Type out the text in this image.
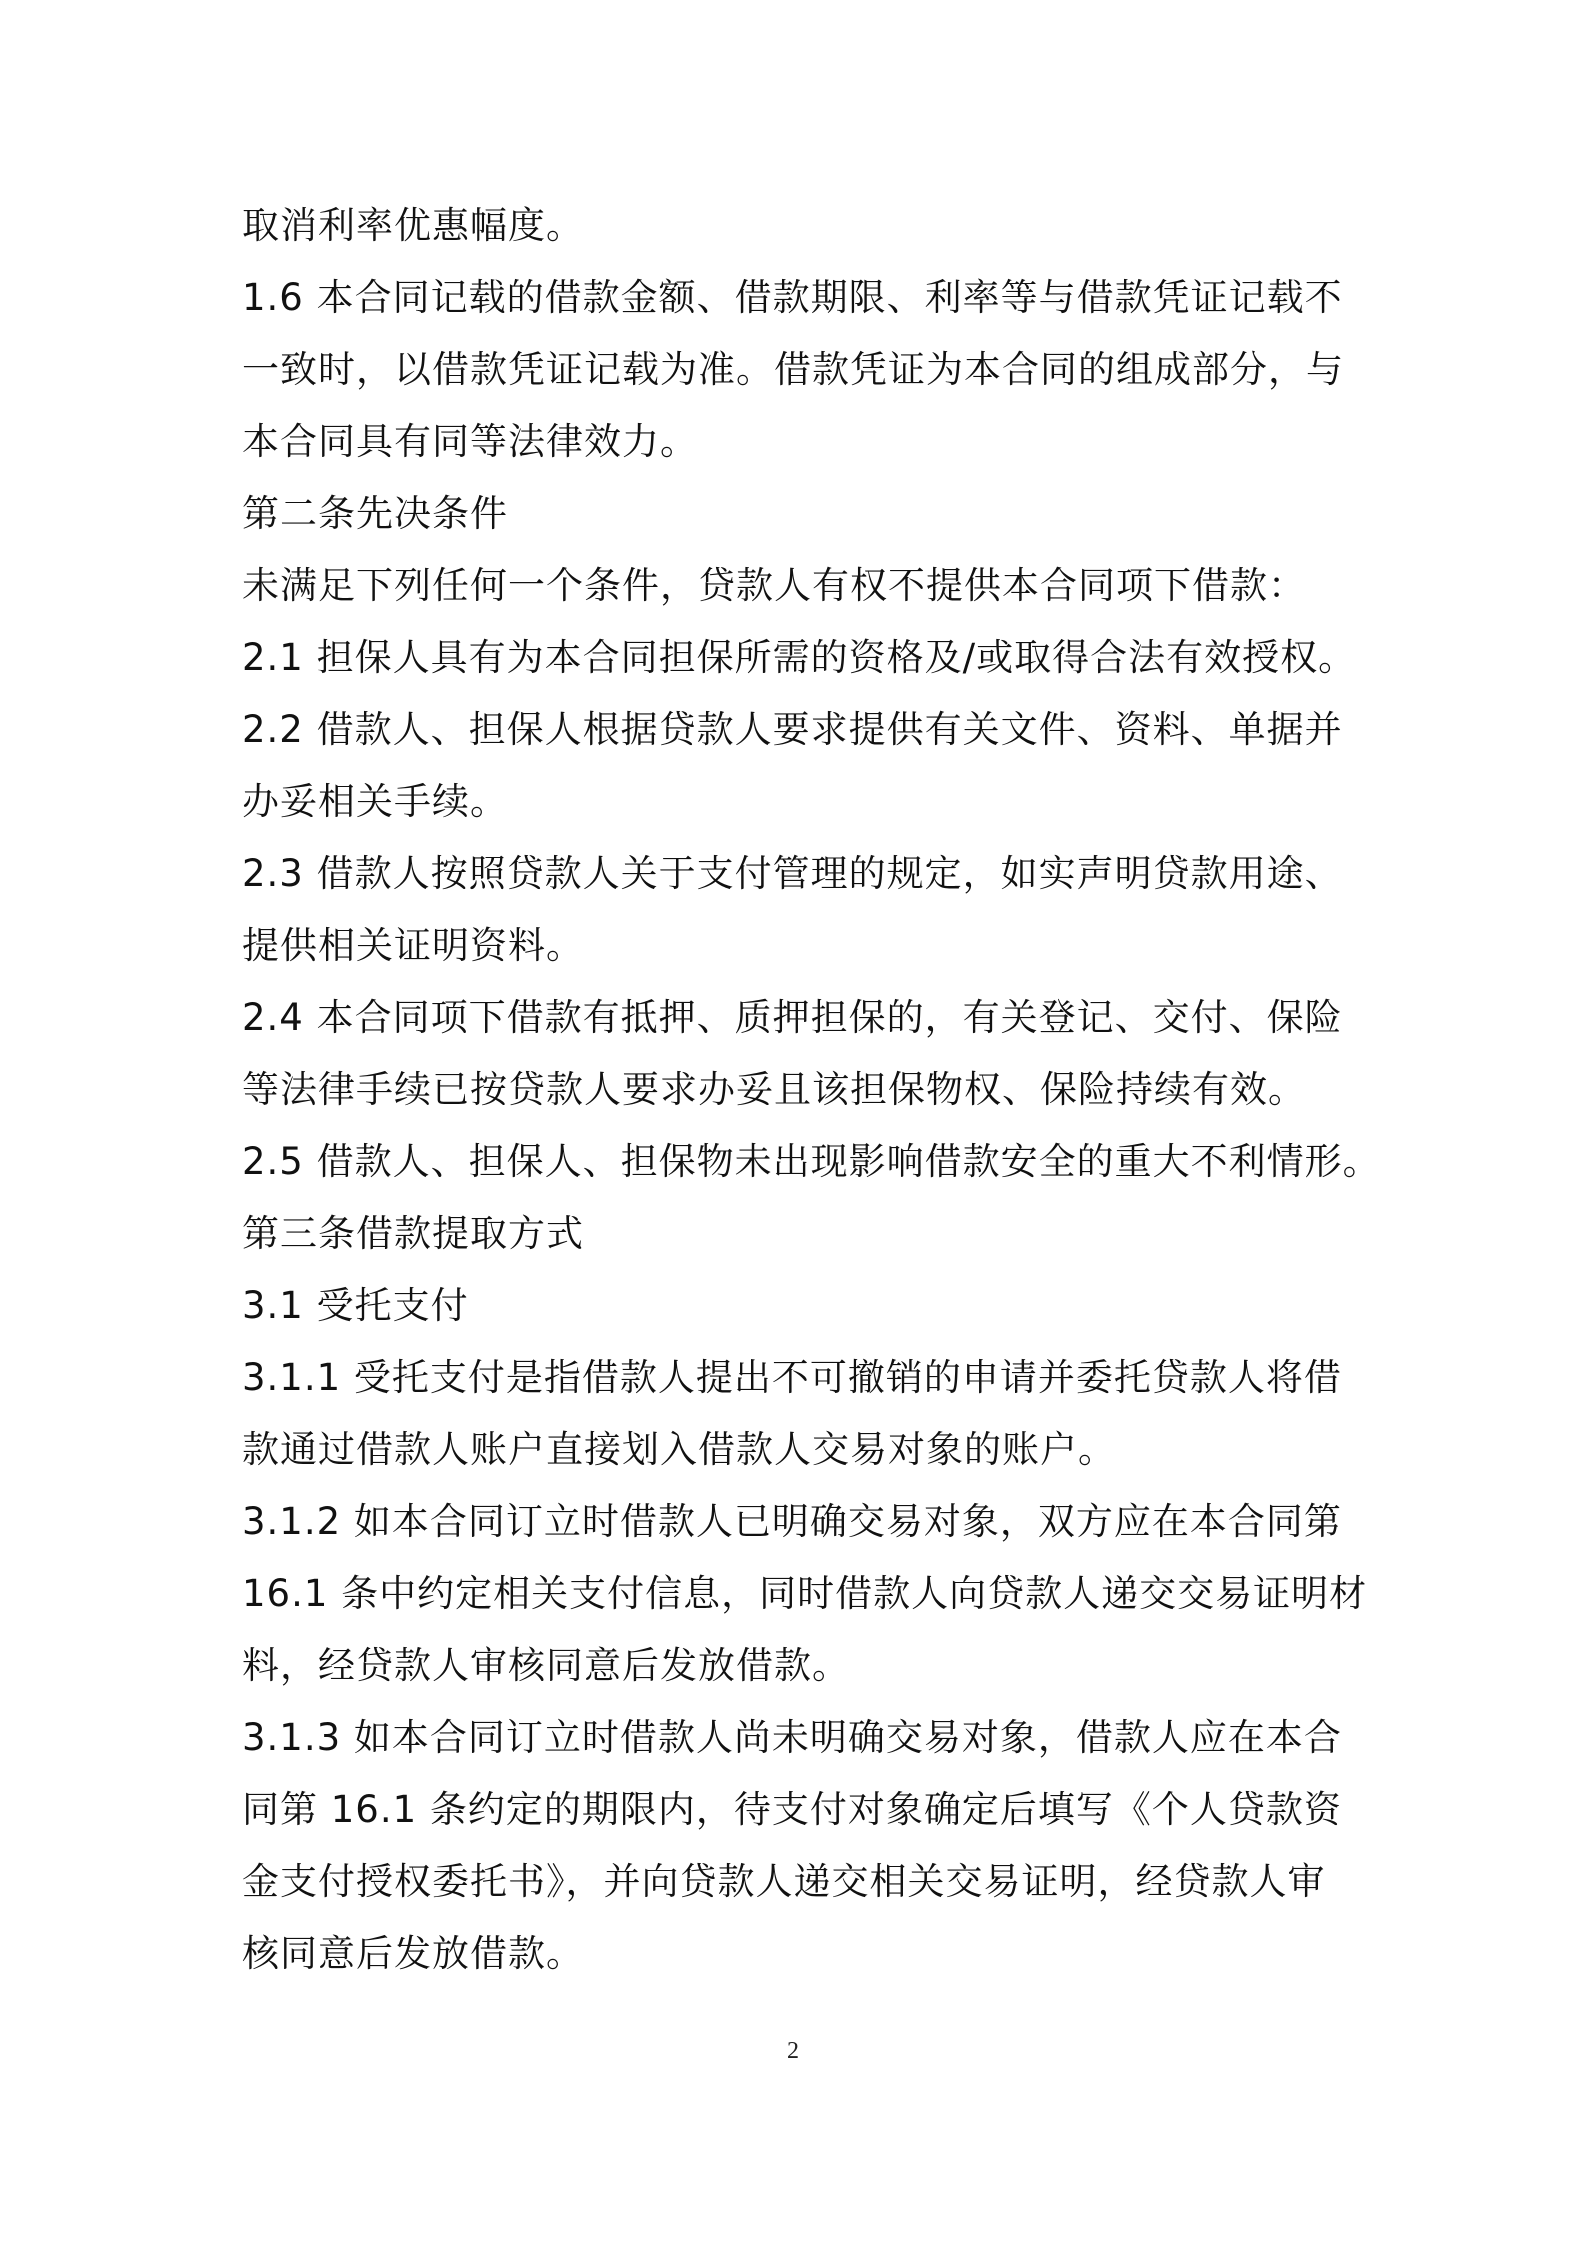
取消利率优惠幅度。
1.6 本合同记载的借款金额、借款期限、利率等与借款凭证记载不
一致时，以借款凭证记载为准。借款凭证为本合同的组成部分，与
本合同具有同等法律效力。
第二条先决条件
未满足下列任何一个条件，贷款人有权不提供本合同项下借款：
2.1 担保人具有为本合同担保所需的资格及/或取得合法有效授权。
2.2 借款人、担保人根据贷款人要求提供有关文件、资料、单据并
办妥相关手续。
2.3 借款人按照贷款人关于支付管理的规定，如实声明贷款用途、
提供相关证明资料。
2.4 本合同项下借款有抵押、质押担保的，有关登记、交付、保险
等法律手续已按贷款人要求办妥且该担保物权、保险持续有效。
2.5 借款人、担保人、担保物未出现影响借款安全的重大不利情形。
第三条借款提取方式
3.1 受托支付
3.1.1 受托支付是指借款人提出不可撤销的申请并委托贷款人将借
款通过借款人账户直接划入借款人交易对象的账户。
3.1.2 如本合同订立时借款人已明确交易对象，双方应在本合同第
16.1 条中约定相关支付信息，同时借款人向贷款人递交交易证明材
料，经贷款人审核同意后发放借款。
3.1.3 如本合同订立时借款人尚未明确交易对象，借款人应在本合
同第 16.1 条约定的期限内，待支付对象确定后填写《个人贷款资
金支付授权委托书》，并向贷款人递交相关交易证明，经贷款人审
核同意后发放借款。
2
